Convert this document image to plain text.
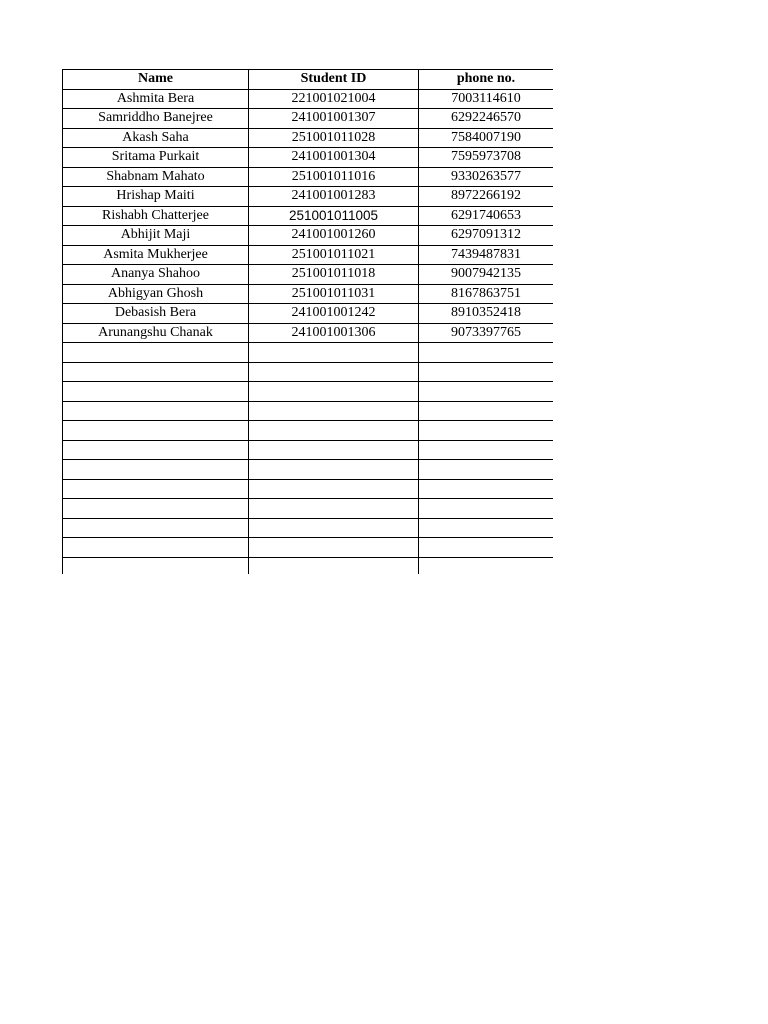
Name	Student ID	phone no.
Ashmita Bera	221001021004	7003114610
Samriddho Banejree	241001001307	6292246570
Akash Saha	251001011028	7584007190
Sritama Purkait	241001001304	7595973708
Shabnam Mahato	251001011016	9330263577
Hrishap Maiti	241001001283	8972266192
Rishabh Chatterjee	251001011005	6291740653
Abhijit Maji	241001001260	6297091312
Asmita Mukherjee	251001011021	7439487831
Ananya Shahoo	251001011018	9007942135
Abhigyan Ghosh	251001011031	8167863751
Debasish Bera	241001001242	8910352418
Arunangshu Chanak	241001001306	9073397765
